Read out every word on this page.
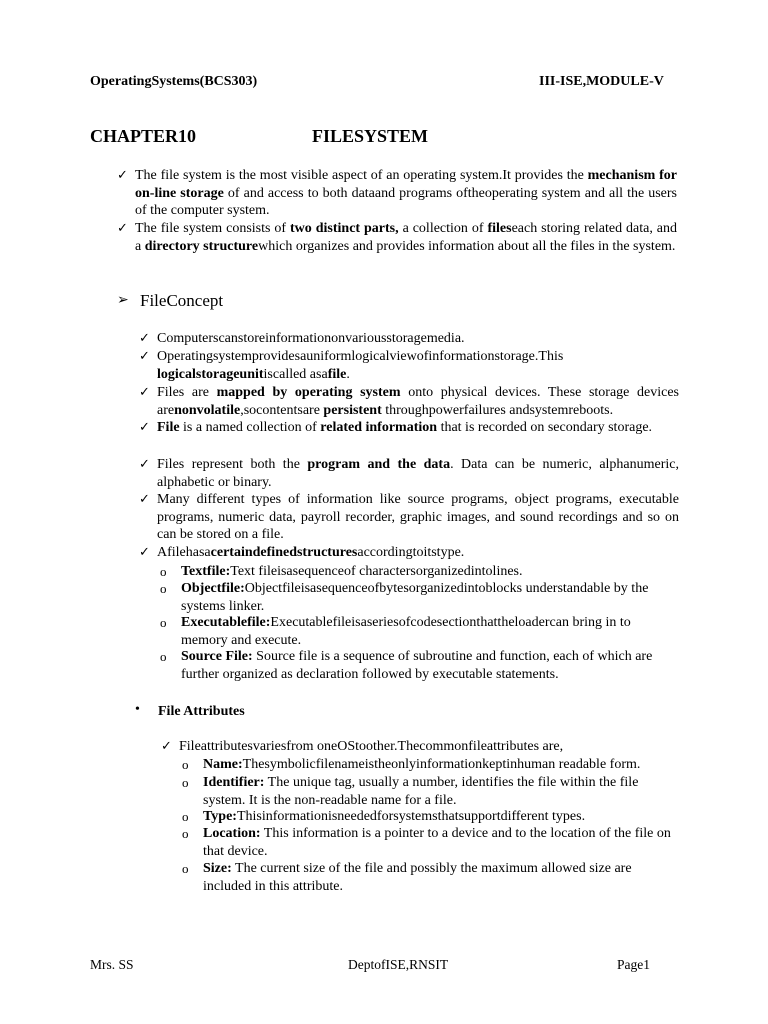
OperatingSystems(BCS303)	III-ISE,MODULE-V
CHAPTER10	FILESYSTEM
✓ The file system is the most visible aspect of an operating system.It provides the mechanism for on-line storage of and access to both dataand programs oftheoperating system and all the users of the computer system.
✓ The file system consists of two distinct parts, a collection of fileseach storing related data, and a directory structurewhich organizes and provides information about all the files in the system.
➢ FileConcept
✓ Computerscanstoreinformationonvariousstoragemedia.
✓ Operatingsystemprovidesauniformlogicalviewofinformationstorage.This
logicalstorageunitiscalled asafile.
✓ Files are mapped by operating system onto physical devices. These storage devices arenonvolatile,socontentsare persistent throughpowerfailures andsystemreboots.
✓ File is a named collection of related information that is recorded on secondary storage.
✓ Files represent both the program and the data. Data can be numeric, alphanumeric, alphabetic or binary.
✓ Many different types of information like source programs, object programs, executable programs, numeric data, payroll recorder, graphic images, and sound recordings and so on can be stored on a file.
✓ Afilehasacertaindefinedstructuresaccordingtoitstype.
o Textfile:Text fileisasequenceof charactersorganizedintolines.
o Objectfile:Objectfileisasequenceofbytesorganizedintoblocks understandable by the systems linker.
o Executablefile:Executablefileisaseriesofcodesectionthattheloadercan bring in to memory and execute.
o Source File: Source file is a sequence of subroutine and function, each of which are further organized as declaration followed by executable statements.
• File Attributes
✓ Fileattributesvariesfrom oneOStoother.Thecommonfileattributes are,
o Name:Thesymbolicfilenameistheonlyinformationkeptinhuman readable form.
o Identifier: The unique tag, usually a number, identifies the file within the file system. It is the non-readable name for a file.
o Type:Thisinformationisneededforsystemsthatsupportdifferent types.
o Location: This information is a pointer to a device and to the location of the file on that device.
o Size: The current size of the file and possibly the maximum allowed size are included in this attribute.
Mrs. SS	DeptofISE,RNSIT	Page1
